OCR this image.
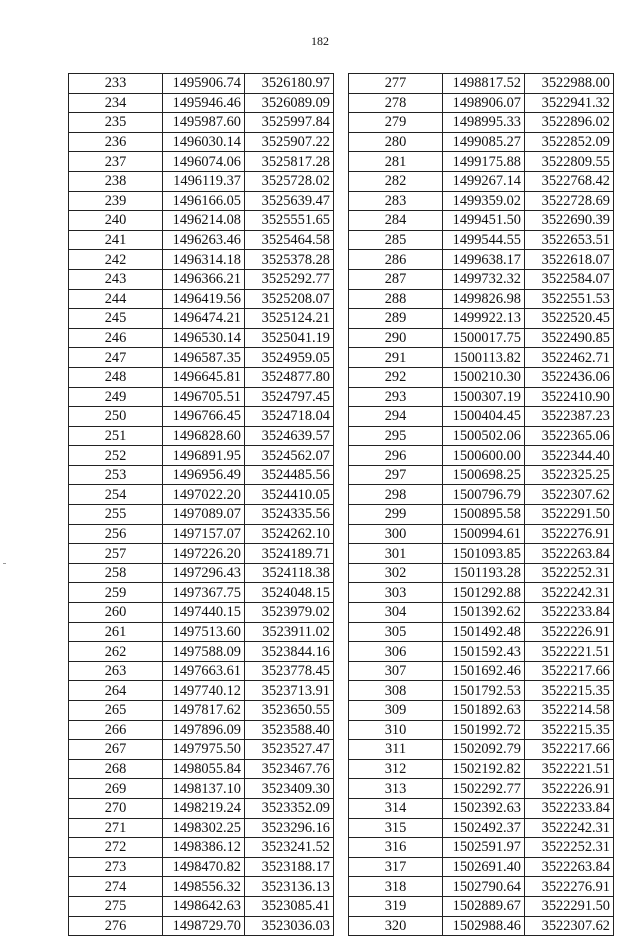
182
233	1495906.74	3526180.97
234	1495946.46	3526089.09
235	1495987.60	3525997.84
236	1496030.14	3525907.22
237	1496074.06	3525817.28
238	1496119.37	3525728.02
239	1496166.05	3525639.47
240	1496214.08	3525551.65
241	1496263.46	3525464.58
242	1496314.18	3525378.28
243	1496366.21	3525292.77
244	1496419.56	3525208.07
245	1496474.21	3525124.21
246	1496530.14	3525041.19
247	1496587.35	3524959.05
248	1496645.81	3524877.80
249	1496705.51	3524797.45
250	1496766.45	3524718.04
251	1496828.60	3524639.57
252	1496891.95	3524562.07
253	1496956.49	3524485.56
254	1497022.20	3524410.05
255	1497089.07	3524335.56
256	1497157.07	3524262.10
257	1497226.20	3524189.71
258	1497296.43	3524118.38
259	1497367.75	3524048.15
260	1497440.15	3523979.02
261	1497513.60	3523911.02
262	1497588.09	3523844.16
263	1497663.61	3523778.45
264	1497740.12	3523713.91
265	1497817.62	3523650.55
266	1497896.09	3523588.40
267	1497975.50	3523527.47
268	1498055.84	3523467.76
269	1498137.10	3523409.30
270	1498219.24	3523352.09
271	1498302.25	3523296.16
272	1498386.12	3523241.52
273	1498470.82	3523188.17
274	1498556.32	3523136.13
275	1498642.63	3523085.41
276	1498729.70	3523036.03
277	1498817.52	3522988.00
278	1498906.07	3522941.32
279	1498995.33	3522896.02
280	1499085.27	3522852.09
281	1499175.88	3522809.55
282	1499267.14	3522768.42
283	1499359.02	3522728.69
284	1499451.50	3522690.39
285	1499544.55	3522653.51
286	1499638.17	3522618.07
287	1499732.32	3522584.07
288	1499826.98	3522551.53
289	1499922.13	3522520.45
290	1500017.75	3522490.85
291	1500113.82	3522462.71
292	1500210.30	3522436.06
293	1500307.19	3522410.90
294	1500404.45	3522387.23
295	1500502.06	3522365.06
296	1500600.00	3522344.40
297	1500698.25	3522325.25
298	1500796.79	3522307.62
299	1500895.58	3522291.50
300	1500994.61	3522276.91
301	1501093.85	3522263.84
302	1501193.28	3522252.31
303	1501292.88	3522242.31
304	1501392.62	3522233.84
305	1501492.48	3522226.91
306	1501592.43	3522221.51
307	1501692.46	3522217.66
308	1501792.53	3522215.35
309	1501892.63	3522214.58
310	1501992.72	3522215.35
311	1502092.79	3522217.66
312	1502192.82	3522221.51
313	1502292.77	3522226.91
314	1502392.63	3522233.84
315	1502492.37	3522242.31
316	1502591.97	3522252.31
317	1502691.40	3522263.84
318	1502790.64	3522276.91
319	1502889.67	3522291.50
320	1502988.46	3522307.62
